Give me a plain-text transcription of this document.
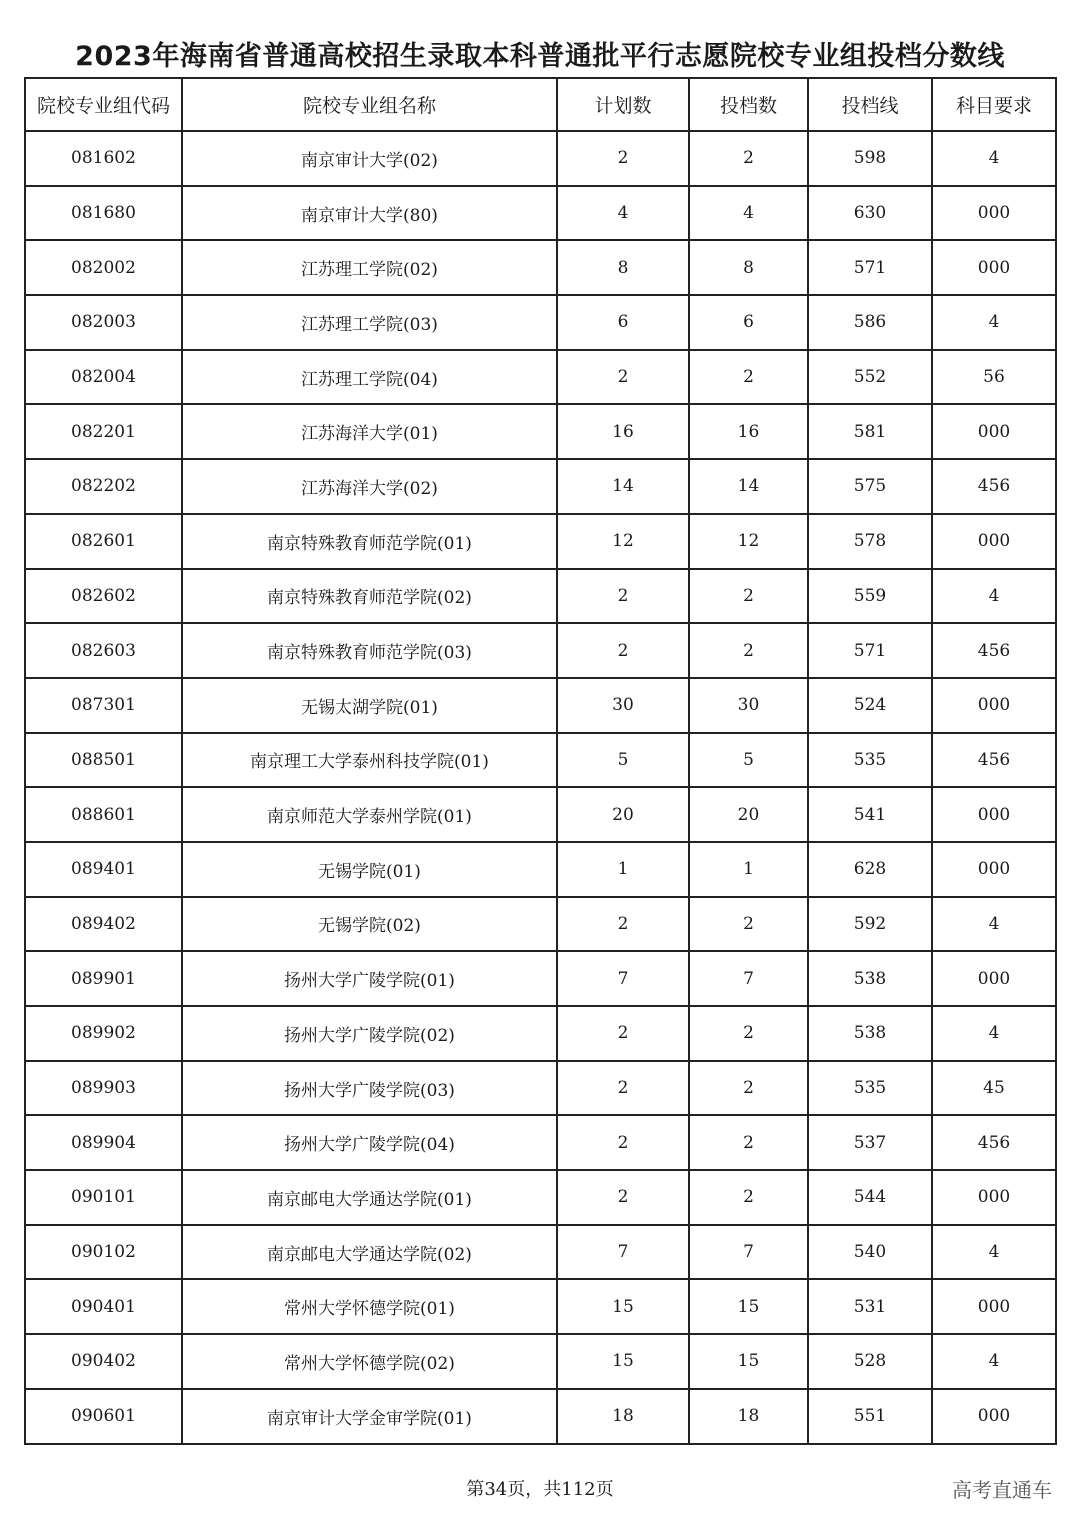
2023年海南省普通高校招生录取本科普通批平行志愿院校专业组投档分数线
院校专业组代码	院校专业组名称	计划数	投档数	投档线	科目要求
081602	南京审计大学(02)	2	2	598	4
081680	南京审计大学(80)	4	4	630	000
082002	江苏理工学院(02)	8	8	571	000
082003	江苏理工学院(03)	6	6	586	4
082004	江苏理工学院(04)	2	2	552	56
082201	江苏海洋大学(01)	16	16	581	000
082202	江苏海洋大学(02)	14	14	575	456
082601	南京特殊教育师范学院(01)	12	12	578	000
082602	南京特殊教育师范学院(02)	2	2	559	4
082603	南京特殊教育师范学院(03)	2	2	571	456
087301	无锡太湖学院(01)	30	30	524	000
088501	南京理工大学泰州科技学院(01)	5	5	535	456
088601	南京师范大学泰州学院(01)	20	20	541	000
089401	无锡学院(01)	1	1	628	000
089402	无锡学院(02)	2	2	592	4
089901	扬州大学广陵学院(01)	7	7	538	000
089902	扬州大学广陵学院(02)	2	2	538	4
089903	扬州大学广陵学院(03)	2	2	535	45
089904	扬州大学广陵学院(04)	2	2	537	456
090101	南京邮电大学通达学院(01)	2	2	544	000
090102	南京邮电大学通达学院(02)	7	7	540	4
090401	常州大学怀德学院(01)	15	15	531	000
090402	常州大学怀德学院(02)	15	15	528	4
090601	南京审计大学金审学院(01)	18	18	551	000
第34页，共112页	高考直通车
